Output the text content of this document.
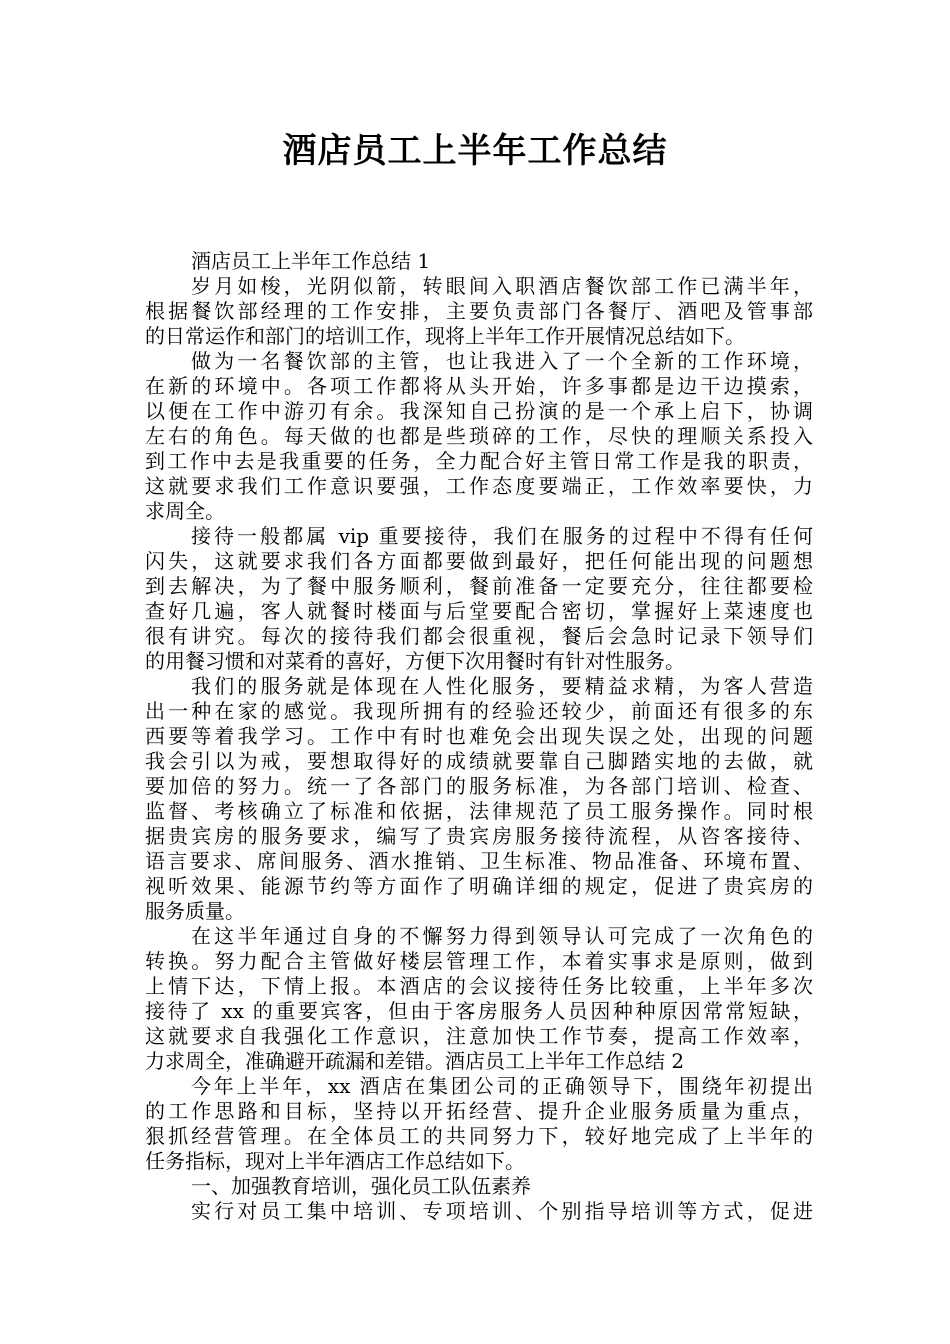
酒店员工上半年工作总结
酒店员工上半年工作总结 1
岁月如梭，光阴似箭，转眼间入职酒店餐饮部工作已满半年，
根据餐饮部经理的工作安排，主要负责部门各餐厅、酒吧及管事部
的日常运作和部门的培训工作，现将上半年工作开展情况总结如下。
做为一名餐饮部的主管，也让我进入了一个全新的工作环境，
在新的环境中。各项工作都将从头开始，许多事都是边干边摸索，
以便在工作中游刃有余。我深知自己扮演的是一个承上启下，协调
左右的角色。每天做的也都是些琐碎的工作，尽快的理顺关系投入
到工作中去是我重要的任务，全力配合好主管日常工作是我的职责，
这就要求我们工作意识要强，工作态度要端正，工作效率要快，力
求周全。
接待一般都属 vip 重要接待，我们在服务的过程中不得有任何
闪失，这就要求我们各方面都要做到最好，把任何能出现的问题想
到去解决，为了餐中服务顺利，餐前准备一定要充分，往往都要检
查好几遍，客人就餐时楼面与后堂要配合密切，掌握好上菜速度也
很有讲究。每次的接待我们都会很重视，餐后会急时记录下领导们
的用餐习惯和对菜肴的喜好，方便下次用餐时有针对性服务。
我们的服务就是体现在人性化服务，要精益求精，为客人营造
出一种在家的感觉。我现所拥有的经验还较少，前面还有很多的东
西要等着我学习。工作中有时也难免会出现失误之处，出现的问题
我会引以为戒，要想取得好的成绩就要靠自己脚踏实地的去做，就
要加倍的努力。统一了各部门的服务标准，为各部门培训、检查、
监督、考核确立了标准和依据，法律规范了员工服务操作。同时根
据贵宾房的服务要求，编写了贵宾房服务接待流程，从咨客接待、
语言要求、席间服务、酒水推销、卫生标准、物品准备、环境布置、
视听效果、能源节约等方面作了明确详细的规定，促进了贵宾房的
服务质量。
在这半年通过自身的不懈努力得到领导认可完成了一次角色的
转换。努力配合主管做好楼层管理工作，本着实事求是原则，做到
上情下达，下情上报。本酒店的会议接待任务比较重，上半年多次
接待了 xx 的重要宾客，但由于客房服务人员因种种原因常常短缺，
这就要求自我强化工作意识，注意加快工作节奏，提高工作效率，
力求周全，准确避开疏漏和差错。酒店员工上半年工作总结 2
今年上半年，xx 酒店在集团公司的正确领导下，围绕年初提出
的工作思路和目标，坚持以开拓经营、提升企业服务质量为重点，
狠抓经营管理。在全体员工的共同努力下，较好地完成了上半年的
任务指标，现对上半年酒店工作总结如下。
一、加强教育培训，强化员工队伍素养
实行对员工集中培训、专项培训、个别指导培训等方式，促进
